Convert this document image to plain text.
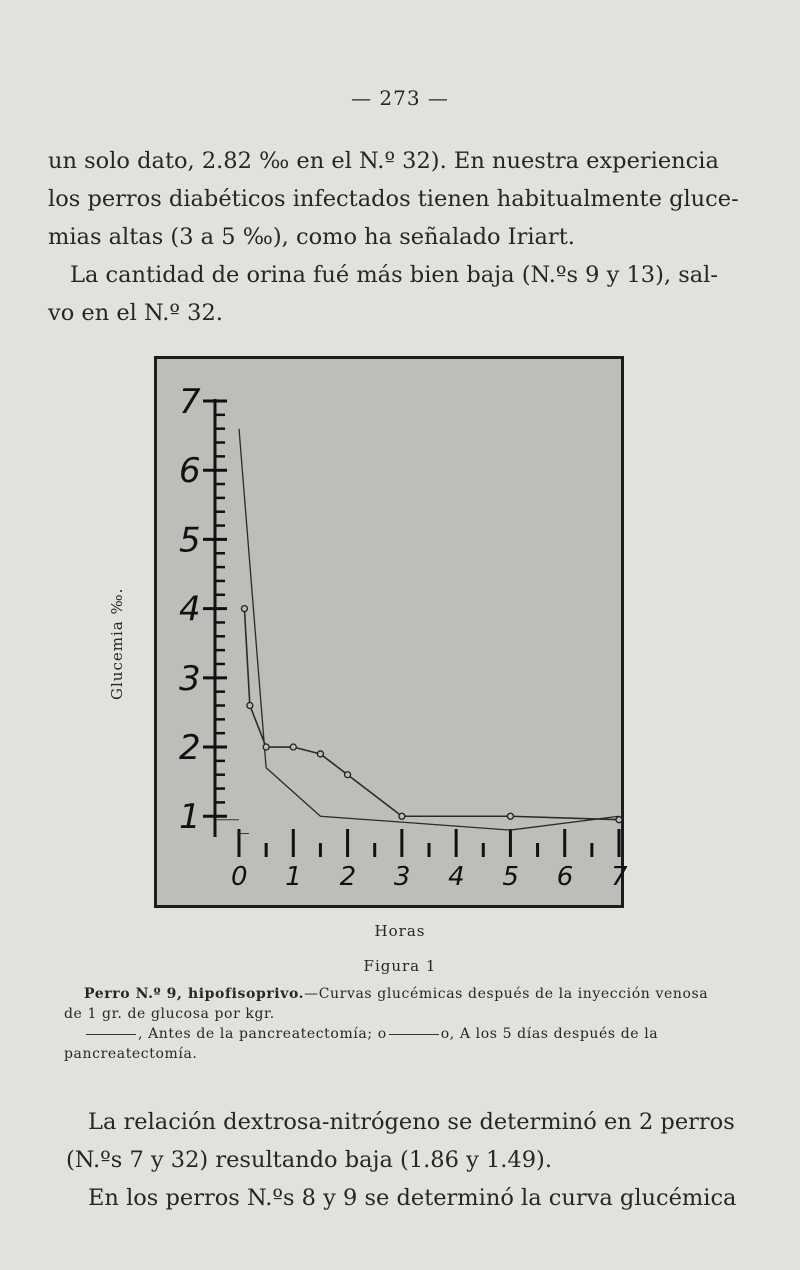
— 273 —
un solo dato, 2.82 ‰ en el N.º 32). En nuestra experiencia
los perros diabéticos infectados tienen habitualmente gluce-
mias altas (3 a 5 ‰), como ha señalado Iriart.
La cantidad de orina fué más bien baja (N.ºs 9 y 13), sal-
vo en el N.º 32.
1
2
3
4
5
6
7
0 1 2 3 4 5 6 7
Glucemia ‰.
Horas
Figura 1
Perro N.º 9, hipofisoprivo.—Curvas glucémicas después de la inyección venosa
de 1 gr. de glucosa por kgr.
, Antes de la pancreatectomía; o	o, A los 5 días después de la
pancreatectomía.
La relación dextrosa-nitrógeno se determinó en 2 perros
(N.ºs 7 y 32) resultando baja (1.86 y 1.49).
En los perros N.ºs 8 y 9 se determinó la curva glucémica
